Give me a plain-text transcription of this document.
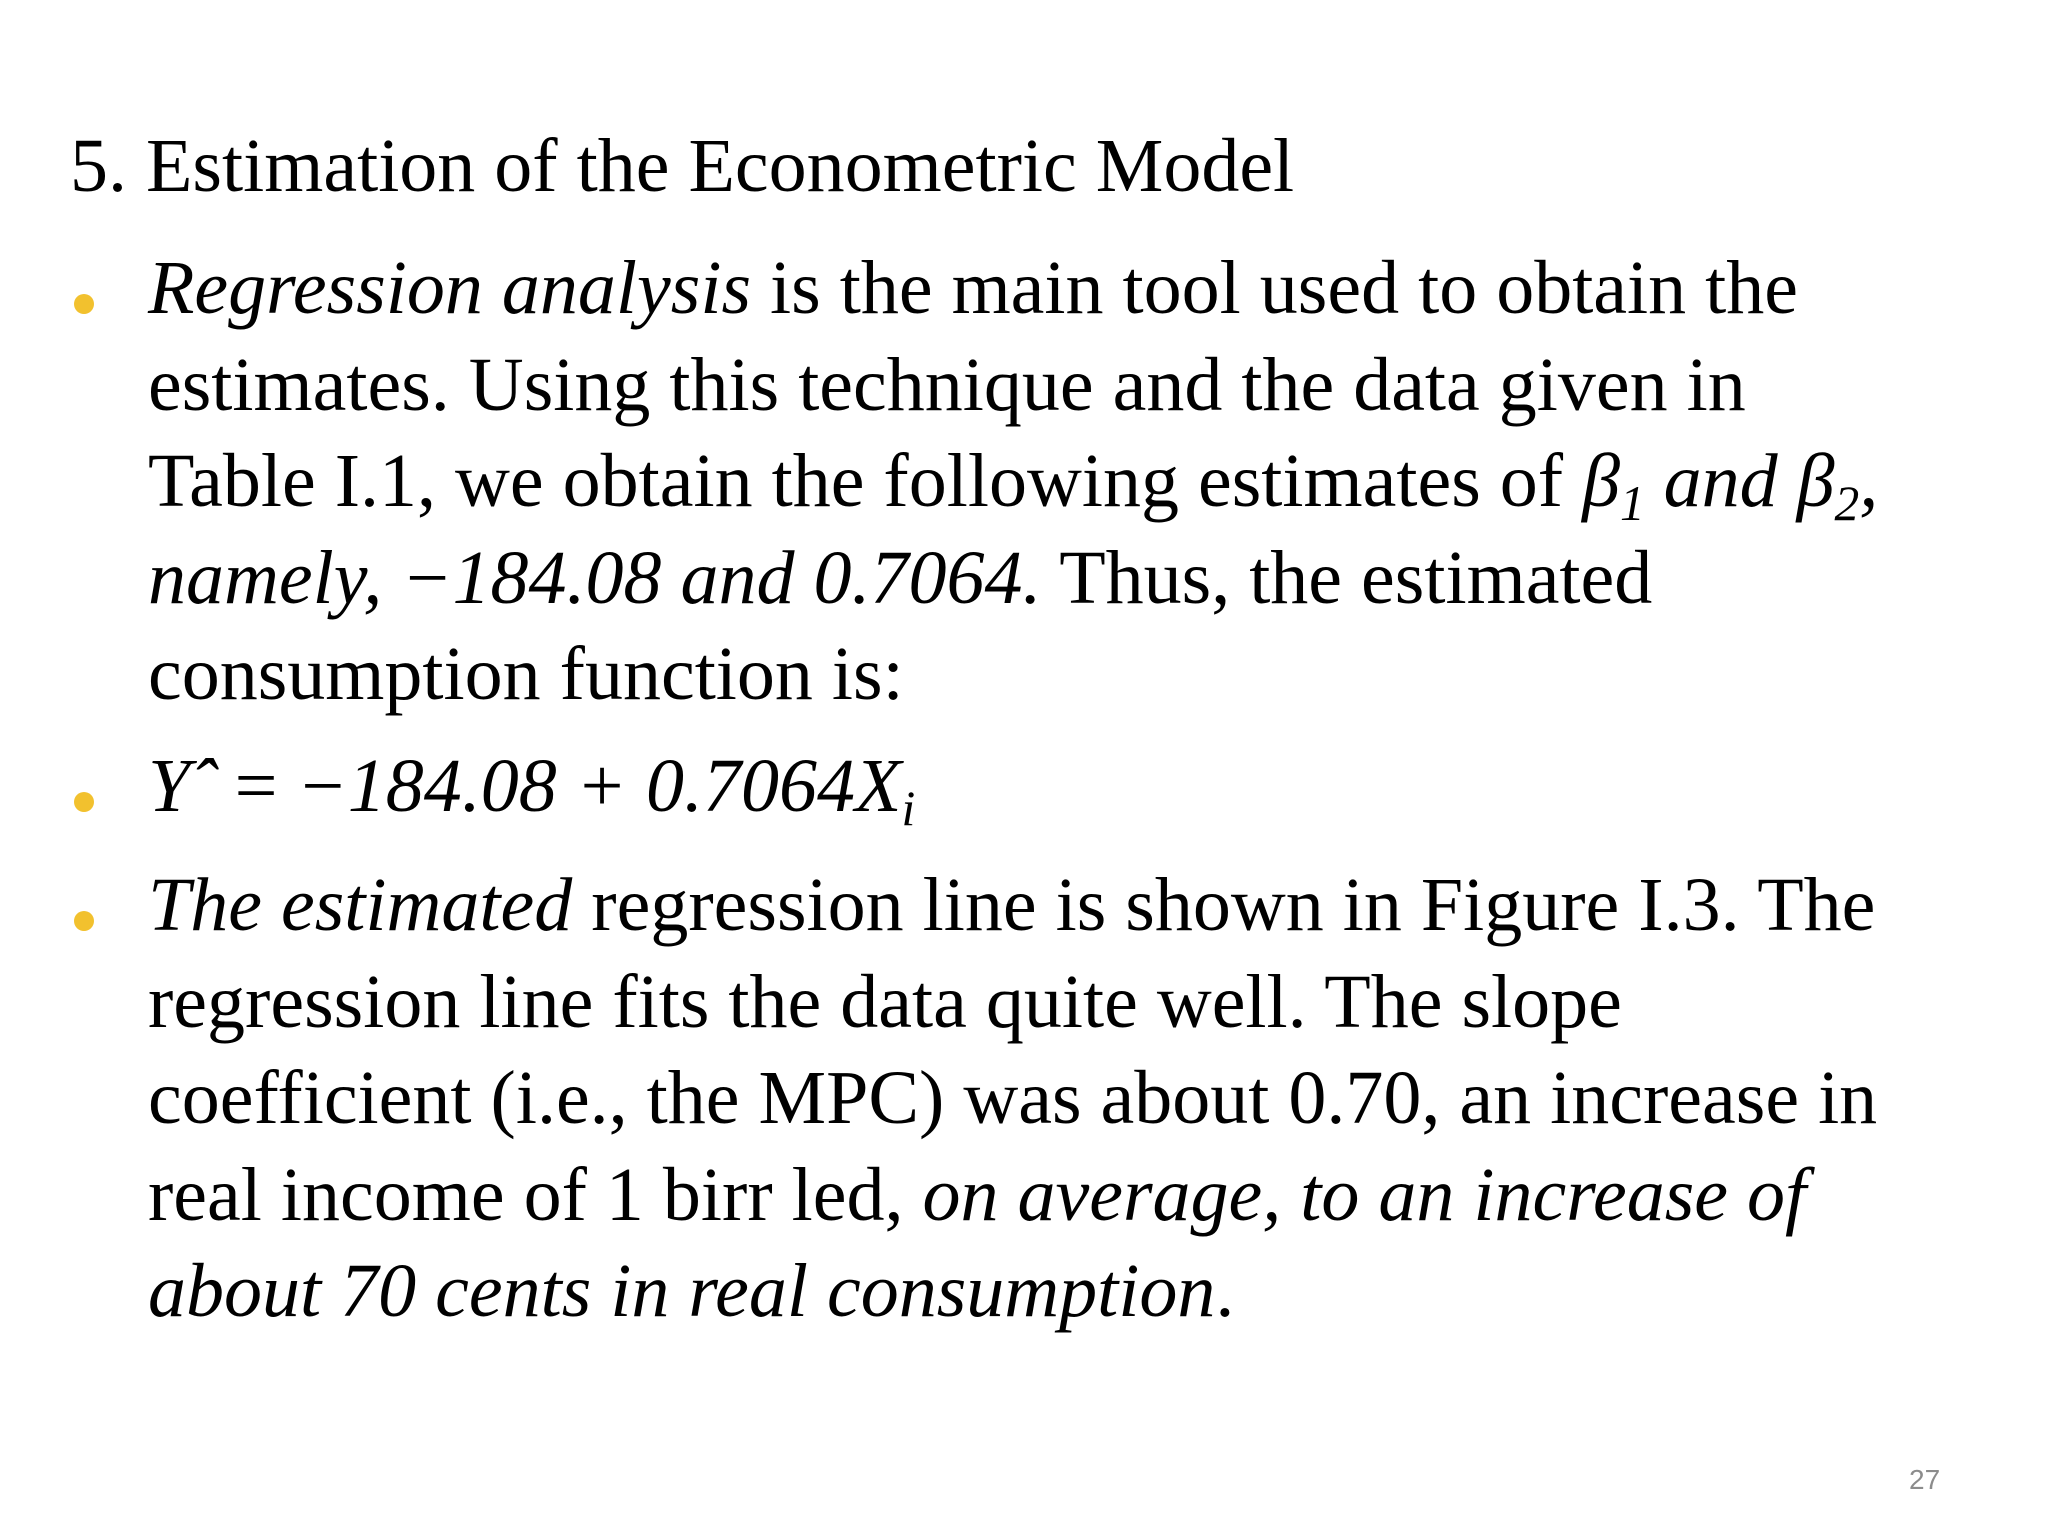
5. Estimation of the Econometric Model

Regression analysis is the main tool used to obtain the
estimates. Using this technique and the data given in
Table I.1, we obtain the following estimates of $\beta_1$ and $\beta_2$,
namely, −184.08 and 0.7064. Thus, the estimated
consumption function is:

Yˆ = $-184.08 + 0.7064X_i$

The estimated regression line is shown in Figure I.3. The
regression line fits the data quite well. The slope
coefficient (i.e., the MPC) was about 0.70, an increase in
real income of 1 birr led, on average, to an increase of
about 70 cents in real consumption.

27
